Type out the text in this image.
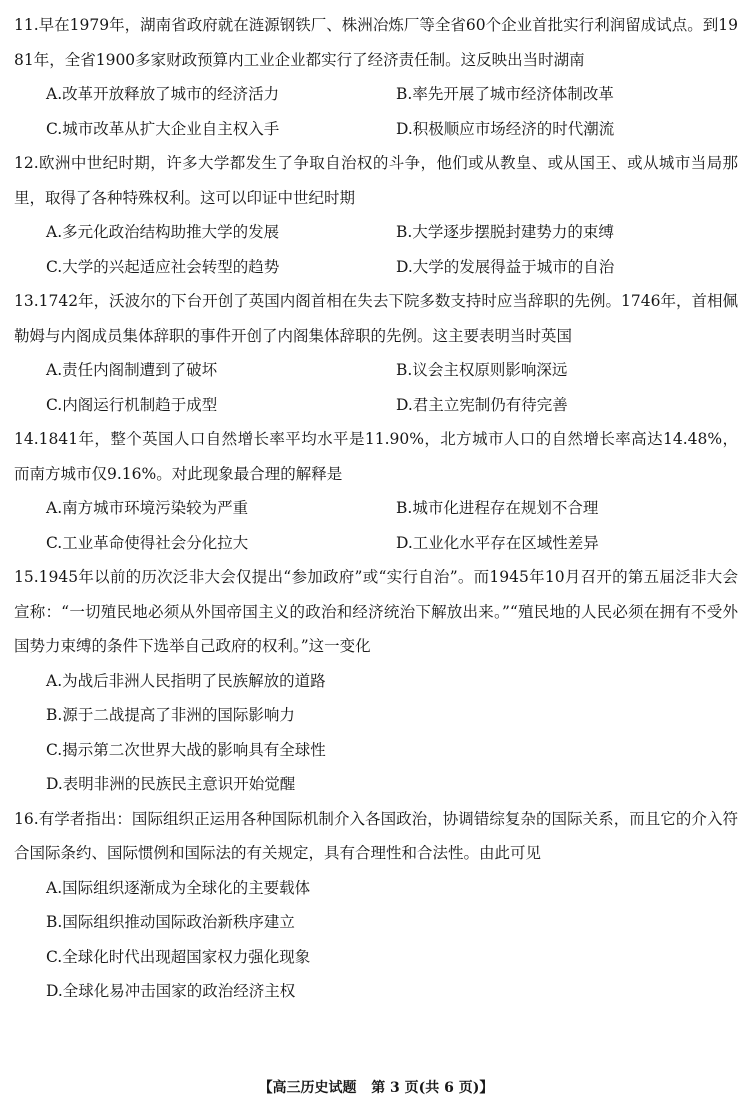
11.早在1979年，湖南省政府就在涟源钢铁厂、株洲冶炼厂等全省60个企业首批实行利润留成试点。到1981年，全省1900多家财政预算内工业企业都实行了经济责任制。这反映出当时湖南

A.改革开放释放了城市的经济活力	B.率先开展了城市经济体制改革
C.城市改革从扩大企业自主权入手	D.积极顺应市场经济的时代潮流

12.欧洲中世纪时期，许多大学都发生了争取自治权的斗争，他们或从教皇、或从国王、或从城市当局那里，取得了各种特殊权利。这可以印证中世纪时期

A.多元化政治结构助推大学的发展	B.大学逐步摆脱封建势力的束缚
C.大学的兴起适应社会转型的趋势	D.大学的发展得益于城市的自治

13.1742年，沃波尔的下台开创了英国内阁首相在失去下院多数支持时应当辞职的先例。1746年，首相佩勒姆与内阁成员集体辞职的事件开创了内阁集体辞职的先例。这主要表明当时英国

A.责任内阁制遭到了破坏	B.议会主权原则影响深远
C.内阁运行机制趋于成型	D.君主立宪制仍有待完善

14.1841年，整个英国人口自然增长率平均水平是11.90%，北方城市人口的自然增长率高达14.48%，而南方城市仅9.16%。对此现象最合理的解释是

A.南方城市环境污染较为严重	B.城市化进程存在规划不合理
C.工业革命使得社会分化拉大	D.工业化水平存在区域性差异

15.1945年以前的历次泛非大会仅提出“参加政府”或“实行自治”。而1945年10月召开的第五届泛非大会宣称：“一切殖民地必须从外国帝国主义的政治和经济统治下解放出来。”“殖民地的人民必须在拥有不受外国势力束缚的条件下选举自己政府的权利。”这一变化

A.为战后非洲人民指明了民族解放的道路
B.源于二战提高了非洲的国际影响力
C.揭示第二次世界大战的影响具有全球性
D.表明非洲的民族民主意识开始觉醒

16.有学者指出：国际组织正运用各种国际机制介入各国政治，协调错综复杂的国际关系，而且它的介入符合国际条约、国际惯例和国际法的有关规定，具有合理性和合法性。由此可见

A.国际组织逐渐成为全球化的主要载体
B.国际组织推动国际政治新秩序建立
C.全球化时代出现超国家权力强化现象
D.全球化易冲击国家的政治经济主权
【高三历史试题 第 3 页(共 6 页)】
